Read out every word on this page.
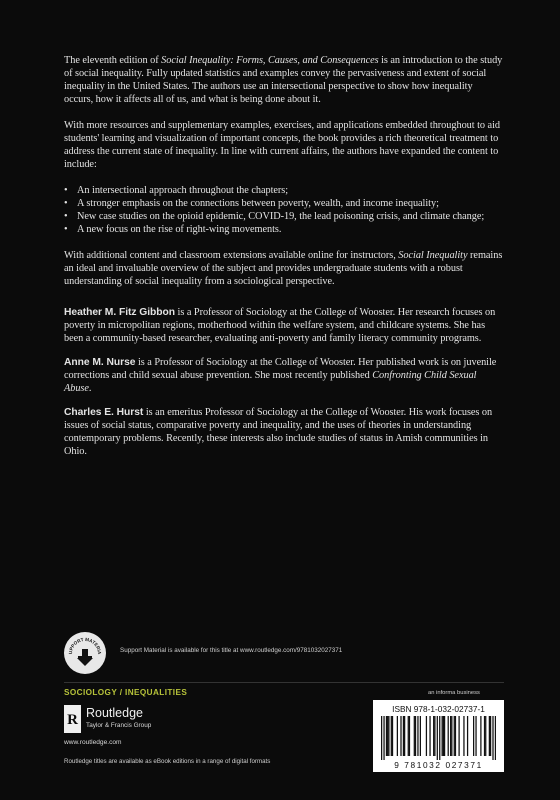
The eleventh edition of Social Inequality: Forms, Causes, and Consequences is an introduction to the study of social inequality. Fully updated statistics and examples convey the pervasiveness and extent of social inequality in the United States. The authors use an intersectional perspective to show how inequality occurs, how it affects all of us, and what is being done about it.

With more resources and supplementary examples, exercises, and applications embedded throughout to aid students' learning and visualization of important concepts, the book provides a rich theoretical treatment to address the current state of inequality. In line with current affairs, the authors have expanded the content to include:

• An intersectional approach throughout the chapters;
• A stronger emphasis on the connections between poverty, wealth, and income inequality;
• New case studies on the opioid epidemic, COVID-19, the lead poisoning crisis, and climate change;
• A new focus on the rise of right-wing movements.

With additional content and classroom extensions available online for instructors, Social Inequality remains an ideal and invaluable overview of the subject and provides undergraduate students with a robust understanding of social inequality from a sociological perspective.

Heather M. Fitz Gibbon is a Professor of Sociology at the College of Wooster. Her research focuses on poverty in micropolitan regions, motherhood within the welfare system, and childcare systems. She has been a community-based researcher, evaluating anti-poverty and family literacy community programs.

Anne M. Nurse is a Professor of Sociology at the College of Wooster. Her published work is on juvenile corrections and child sexual abuse prevention. She most recently published Confronting Child Sexual Abuse.

Charles E. Hurst is an emeritus Professor of Sociology at the College of Wooster. His work focuses on issues of social status, comparative poverty and inequality, and the uses of theories in understanding contemporary problems. Recently, these interests also include studies of status in Amish communities in Ohio.

UPPORT MATERIA	Support Material is available for this title at www.routledge.com/9781032027371
SOCIOLOGY / INEQUALITIES	an informa business
R Routledge
Taylor & Francis Group
www.routledge.com
Routledge titles are available as eBook editions in a range of digital formats
ISBN 978-1-032-02737-1
9 781032 027371
